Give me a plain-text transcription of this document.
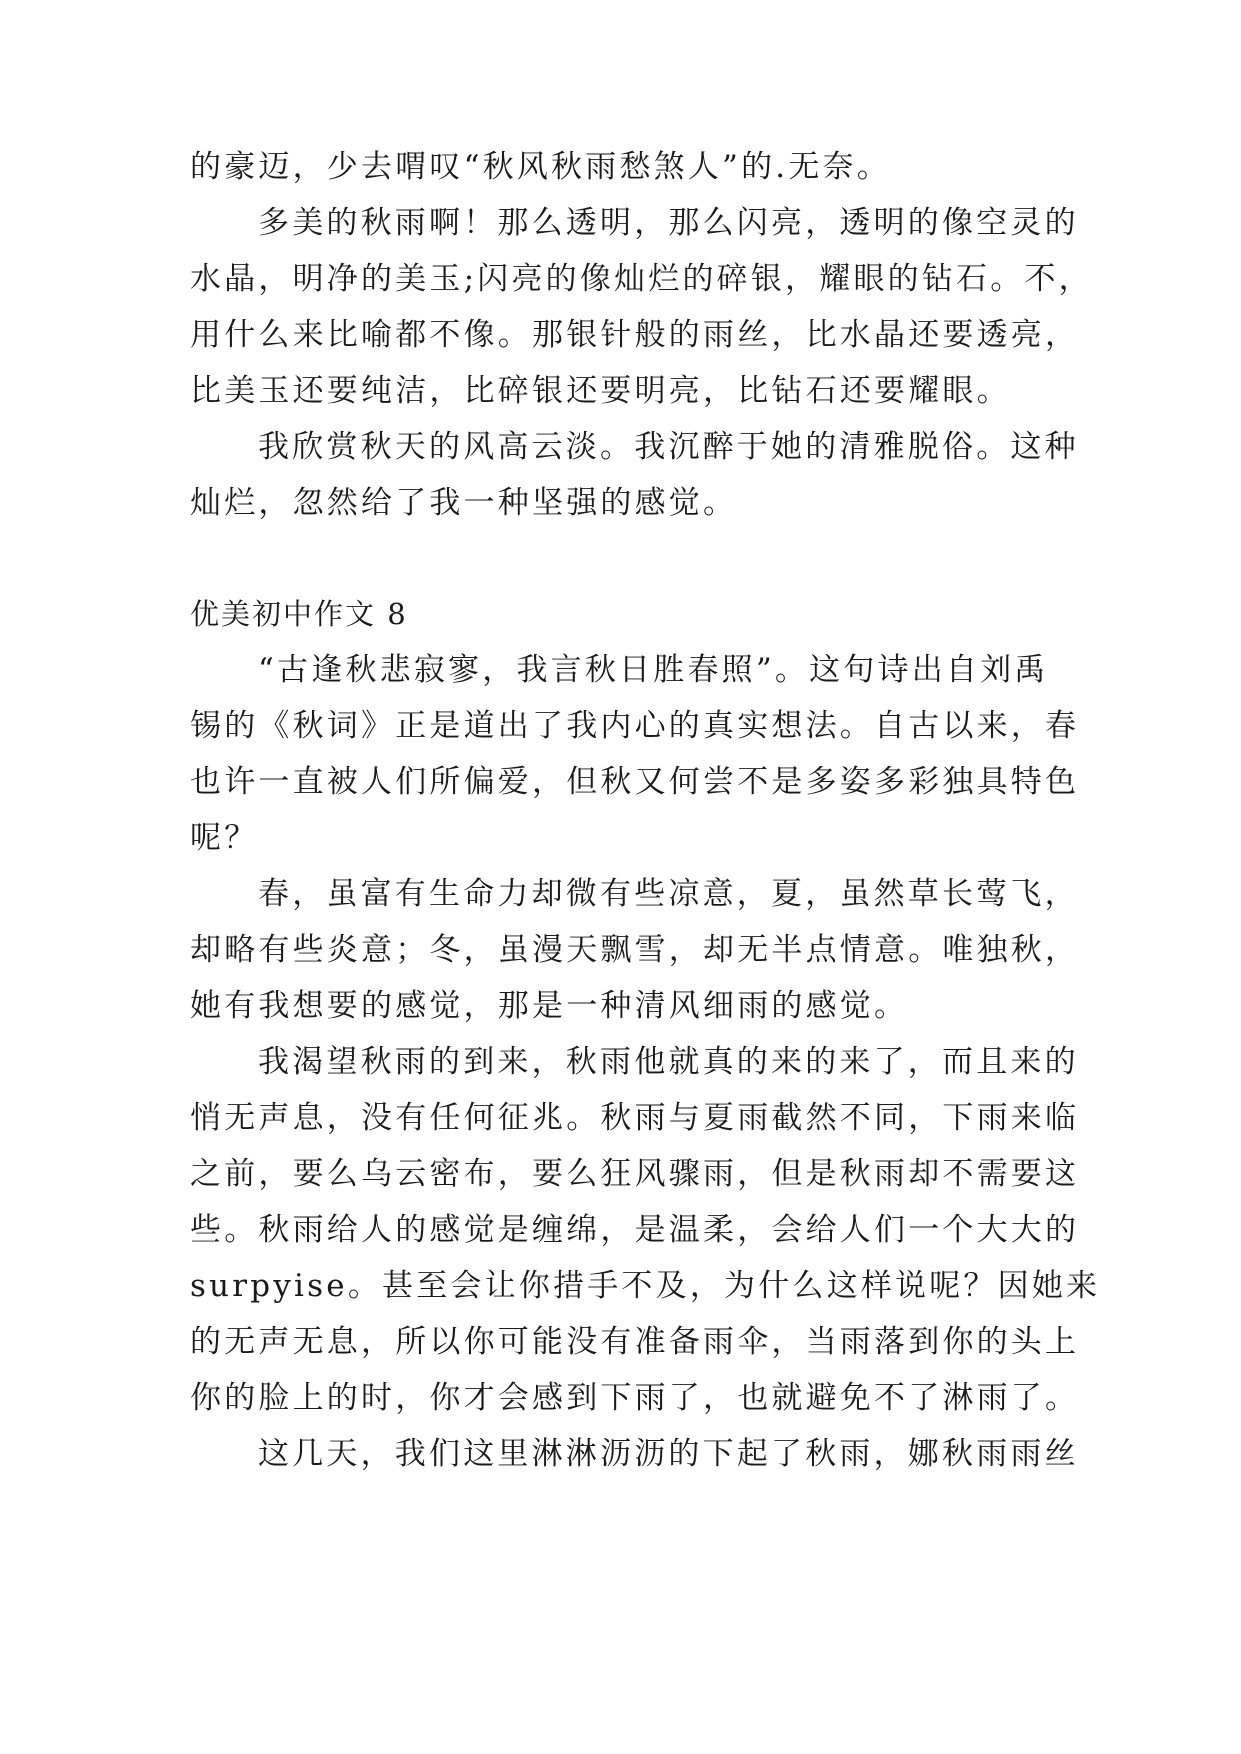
的豪迈，少去喟叹“秋风秋雨愁煞人”的.无奈。
多美的秋雨啊！那么透明，那么闪亮，透明的像空灵的
水晶，明净的美玉;闪亮的像灿烂的碎银，耀眼的钻石。不，
用什么来比喻都不像。那银针般的雨丝，比水晶还要透亮，
比美玉还要纯洁，比碎银还要明亮，比钻石还要耀眼。
我欣赏秋天的风高云淡。我沉醉于她的清雅脱俗。这种
灿烂，忽然给了我一种坚强的感觉。
优美初中作文 8
“古逢秋悲寂寥，我言秋日胜春照”。这句诗出自刘禹
锡的《秋词》正是道出了我内心的真实想法。自古以来，春
也许一直被人们所偏爱，但秋又何尝不是多姿多彩独具特色
呢？
春，虽富有生命力却微有些凉意，夏，虽然草长莺飞，
却略有些炎意；冬，虽漫天飘雪，却无半点情意。唯独秋，
她有我想要的感觉，那是一种清风细雨的感觉。
我渴望秋雨的到来，秋雨他就真的来的来了，而且来的
悄无声息，没有任何征兆。秋雨与夏雨截然不同，下雨来临
之前，要么乌云密布，要么狂风骤雨，但是秋雨却不需要这
些。秋雨给人的感觉是缠绵，是温柔，会给人们一个大大的
surpyise。甚至会让你措手不及，为什么这样说呢？因她来
的无声无息，所以你可能没有准备雨伞，当雨落到你的头上
你的脸上的时，你才会感到下雨了，也就避免不了淋雨了。
这几天，我们这里淋淋沥沥的下起了秋雨，娜秋雨雨丝
